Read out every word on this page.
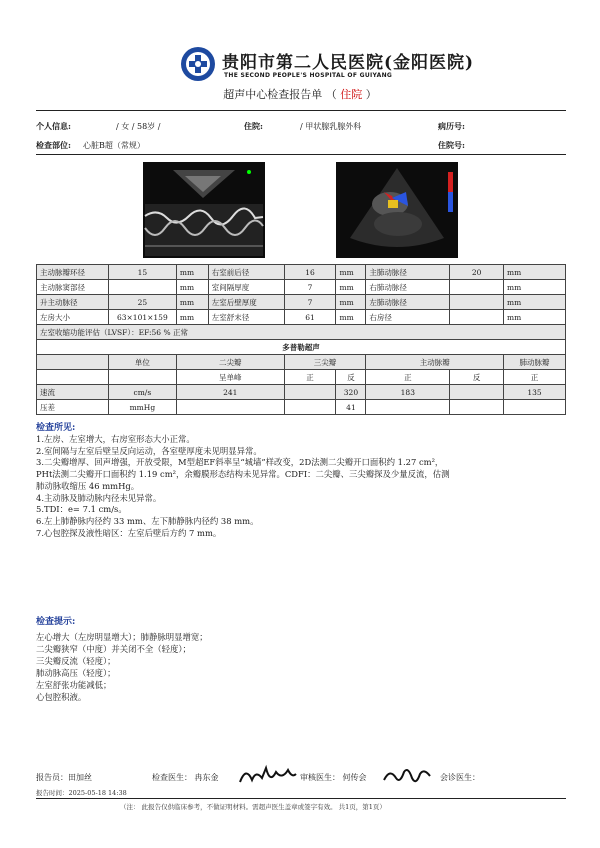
贵阳市第二人民医院(金阳医院)
THE SECOND PEOPLE'S HOSPITAL OF GUIYANG
超声中心检查报告单 （ 住院 ）
个人信息:	/ 女 / 58岁 /	住院:	/ 甲状腺乳腺外科	病历号:
检查部位: 心脏B超（常规）	住院号:
主动脉瓣环径	15	mm	右室前后径	16	mm	主肺动脉径	20	mm
主动脉窦部径		mm	室间隔厚度	7	mm	右肺动脉径		mm
升主动脉径	25	mm	左室后壁厚度	7	mm	左肺动脉径		mm
左房大小	63×101×159	mm	左室舒末径	61	mm	右房径		mm
左室收缩功能评估（LVSF）：EF:56 % 正常								
多普勒超声								
	单位	二尖瓣		三尖瓣		主动脉瓣		肺动脉瓣
		呈单峰		正	反	正	反	正
速流	cm/s	241			320	183		135
压差	mmHg				41			
检查所见:
1.左房、左室增大，右房室形态大小正常。
2.室间隔与左室后壁呈反向运动，各室壁厚度未见明显异常。
3.二尖瓣增厚、回声增强，开放受限，M型超EF斜率呈“城墙”样改变，2D法测二尖瓣开口面积约 1.27 cm²，
PHt法测二尖瓣开口面积约 1.19 cm²，余瓣膜形态结构未见异常。CDFI：二尖瓣、三尖瓣探及少量反流，估测
肺动脉收缩压 46 mmHg。
4.主动脉及肺动脉内径未见异常。
5.TDI：e= 7.1 cm/s。
6.左上肺静脉内径约 33 mm、左下肺静脉内径约 38 mm。
7.心包腔探及液性暗区：左室后壁后方约 7 mm。
检查提示:
左心增大（左房明显增大）；肺静脉明显增宽；
二尖瓣狭窄（中度）并关闭不全（轻度）；
三尖瓣反流（轻度）；
肺动脉高压（轻度）；
左室舒张功能减低；
心包腔积液。
报告员：田加丝	检查医生： 冉东金	审核医生： 何传会	会诊医生：
报告时间：2025-05-18 14:38
（注： 此报告仅供临床参考，不做证明材料。需超声医生盖章或签字有效。 共1页，第1页）
